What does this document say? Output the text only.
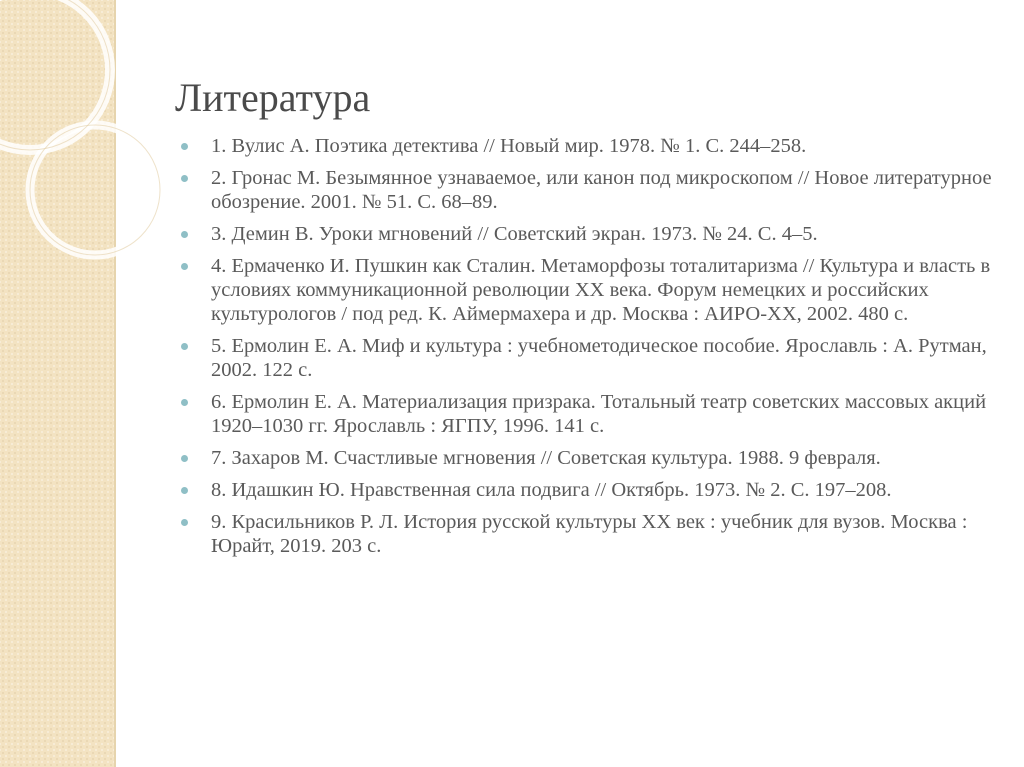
Литература
1. Вулис А. Поэтика детектива // Новый мир. 1978. № 1. С. 244–258.
2. Гронас М. Безымянное узнаваемое, или канон под микроскопом // Новое литературное обозрение. 2001. № 51. С. 68–89.
3. Демин В. Уроки мгновений // Советский экран. 1973. № 24. С. 4–5.
4. Ермаченко И. Пушкин как Сталин. Метаморфозы тоталитаризма // Культура и власть в условиях коммуникационной революции XX века. Форум немецких и российских культурологов / под ред. К. Аймермахера и др. Москва : АИРО-XX, 2002. 480 с.
5. Ермолин Е. А. Миф и культура : учебнометодическое пособие. Ярославль : А. Рутман, 2002. 122 с.
6. Ермолин Е. А. Материализация призрака. Тотальный театр советских массовых акций 1920–1030 гг. Ярославль : ЯГПУ, 1996. 141 с.
7. Захаров М. Счастливые мгновения // Советская культура. 1988. 9 февраля.
8. Идашкин Ю. Нравственная сила подвига // Октябрь. 1973. № 2. С. 197–208.
9. Красильников Р. Л. История русской культуры XX век : учебник для вузов. Москва : Юрайт, 2019. 203 с.
